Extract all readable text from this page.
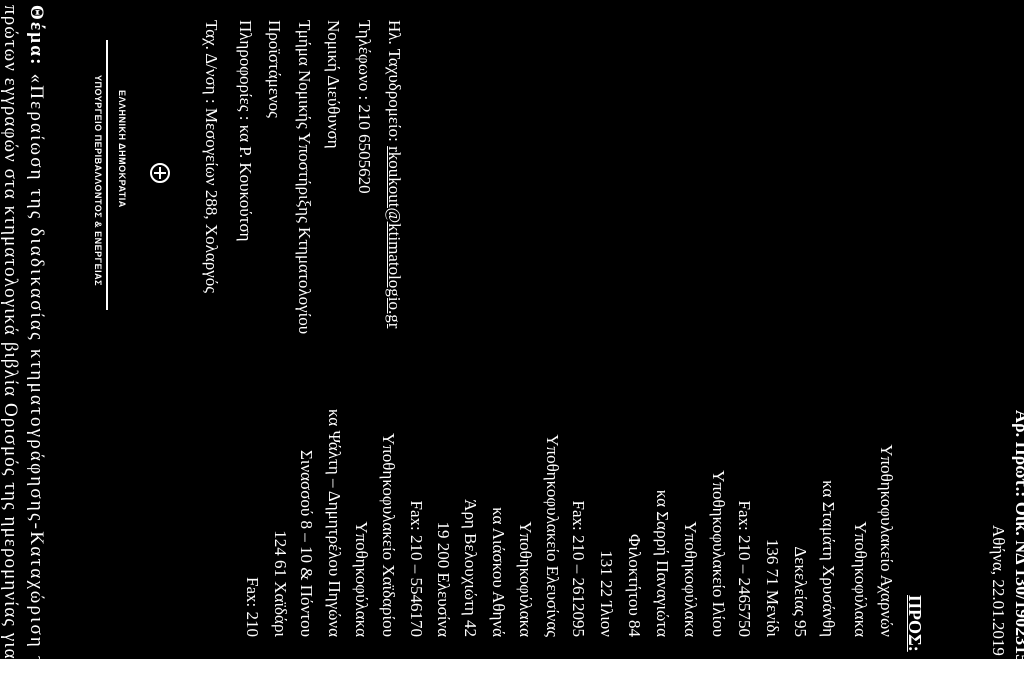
ΕΛΛΗΝΙΚΗ ΔΗΜΟΚΡΑΤΙΑ
ΥΠΟΥΡΓΕΙΟ ΠΕΡΙΒΑΛΛΟΝΤΟΣ & ΕΝΕΡΓΕΙΑΣ	Ταχ. Δ/νση : Μεσογείων 288, Χολαργός Πληροφορίες : κα Ρ. Κουκούτση Προϊστάμενος Τμήμα Νομικής Υποστήριξης Κτηματολογίου Νομική Διεύθυνση Τηλέφωνο : 210 6505620 Ηλ. Ταχυδρομείο: rkoukout@ktimatologio.gr
Αθήνα, 22.01.2019 Αρ. Πρωτ.: Οικ. ΝΔ 130/1902315
ΠΡΟΣ:
Υποθηκοφυλακείο Αχαρνών
Υποθηκοφύλακα
κα Σταμάτη Χρυσάνθη
Δεκελείας 95
136 71 Μενίδι
Fax: 210 – 2465750
Υποθηκοφυλακείο Ιλίου
Υποθηκοφύλακα
κα Σαρρή Παναγιώτα
Φιλοκτήτου 84
131 22 Ίλιον
Fax: 210 – 2612095
Υποθηκοφυλακείο Ελευσίνας
Υποθηκοφύλακα
κα Λιάσκου Αθηνά
Άρη Βελουχιώτη 42
19 200 Ελευσίνα
Fax: 210 – 5546170
Υποθηκοφυλακείο Χαϊδαρίου
Υποθηκοφύλακα
κα Ψάλτη – Δημητρέλου Πηγώνα
Σινασσού 8 – 10 & Πόντου
124 61 Χαϊδάρι
Fax: 210
Θέμα: «Περαίωση της διαδικασίας κτηματογράφησης-Καταχώριση των
πρώτων εγγραφών στα κτηματολογικά βιβλία Ορισμός της ημερομηνίας για την
